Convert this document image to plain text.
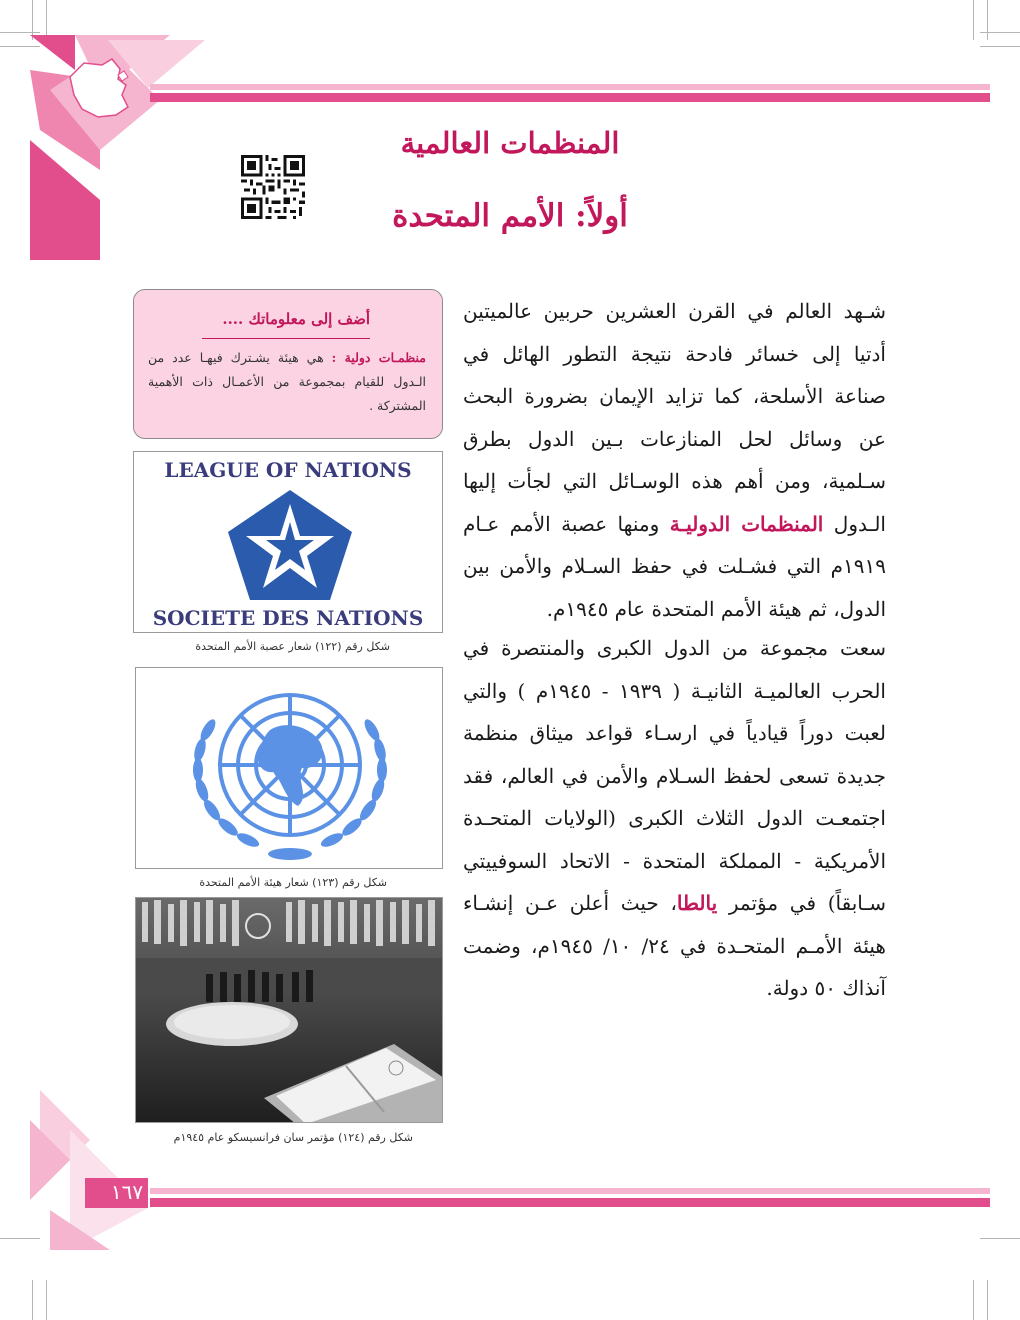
المنظمات العالمية
أولاً: الأمم المتحدة
شـهد العالم في القرن العشرين حربين عالميتين أدتيا إلى خسائر فادحة نتيجة التطور الهائل في صناعة الأسلحة، كما تزايد الإيمان بضرورة البحث عن وسائل لحل المنازعات بـين الدول بطرق سـلمية، ومن أهم هذه الوسـائل التي لجأت إليها الـدول المنظمات الدوليـة ومنها عصبة الأمم عـام ١٩١٩م التي فشـلت في حفظ السـلام والأمن بين الدول، ثم هيئة الأمم المتحدة عام ١٩٤٥م.
سعت مجموعة من الدول الكبرى والمنتصرة في الحرب العالميـة الثانيـة ( ١٩٣٩ - ١٩٤٥م ) والتي لعبت دوراً قيادياً في ارسـاء قواعد ميثاق منظمة جديدة تسعى لحفظ السـلام والأمن في العالم، فقد اجتمعـت الدول الثلاث الكبرى (الولايات المتحـدة الأمريكية - المملكة المتحدة - الاتحاد السوفييتي سـابقاً) في مؤتمر يالطا، حيث أعلن عـن إنشـاء هيئة الأمـم المتحـدة في ٢٤/ ١٠/ ١٩٤٥م، وضمت آنذاك ٥٠ دولة.
أضف إلى معلوماتك ....
منظمـات دولية : هي هيئة يشـترك فيهـا عدد من الـدول للقيام بمجموعة من الأعمـال ذات الأهمية المشتركة .
LEAGUE OF NATIONS
SOCIETE DES NATIONS
شكل رقم (١٢٢) شعار عصبة الأمم المتحدة
شكل رقم (١٢٣) شعار هيئة الأمم المتحدة
شكل رقم (١٢٤) مؤتمر سان فرانسيسكو عام ١٩٤٥م
١٦٧
